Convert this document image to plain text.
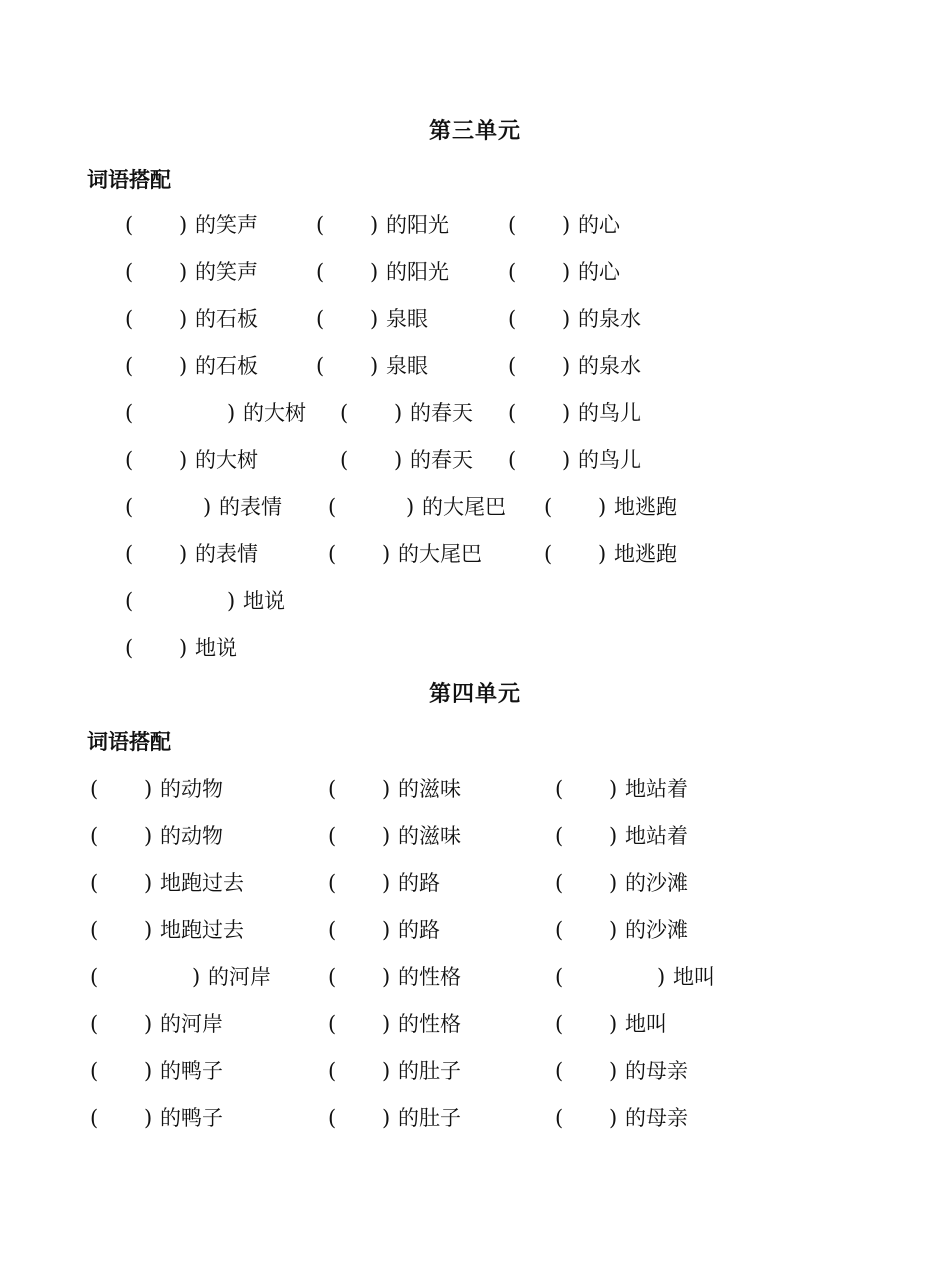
第三单元
词语搭配
( ) 的笑声	( ) 的阳光	( ) 的心
( ) 的笑声	( ) 的阳光	( ) 的心
( ) 的石板	( ) 泉眼	( ) 的泉水
( ) 的石板	( ) 泉眼	( ) 的泉水
(	) 的大树 ( ) 的春天 ( ) 的鸟儿
( ) 的大树	( ) 的春天 ( ) 的鸟儿
(	) 的表情 (	) 的大尾巴 ( ) 地逃跑
( ) 的表情	( ) 的大尾巴	( ) 地逃跑
(	) 地说
( ) 地说
第四单元
词语搭配
( ) 的动物	( ) 的滋味	( ) 地站着
( ) 的动物	( ) 的滋味	( ) 地站着
( ) 地跑过去	( ) 的路	( ) 的沙滩
( ) 地跑过去	( ) 的路	( ) 的沙滩
(	) 的河岸	( ) 的性格	(	) 地叫
( ) 的河岸	( ) 的性格	( ) 地叫
( ) 的鸭子	( ) 的肚子	( ) 的母亲
( ) 的鸭子	( ) 的肚子	( ) 的母亲
